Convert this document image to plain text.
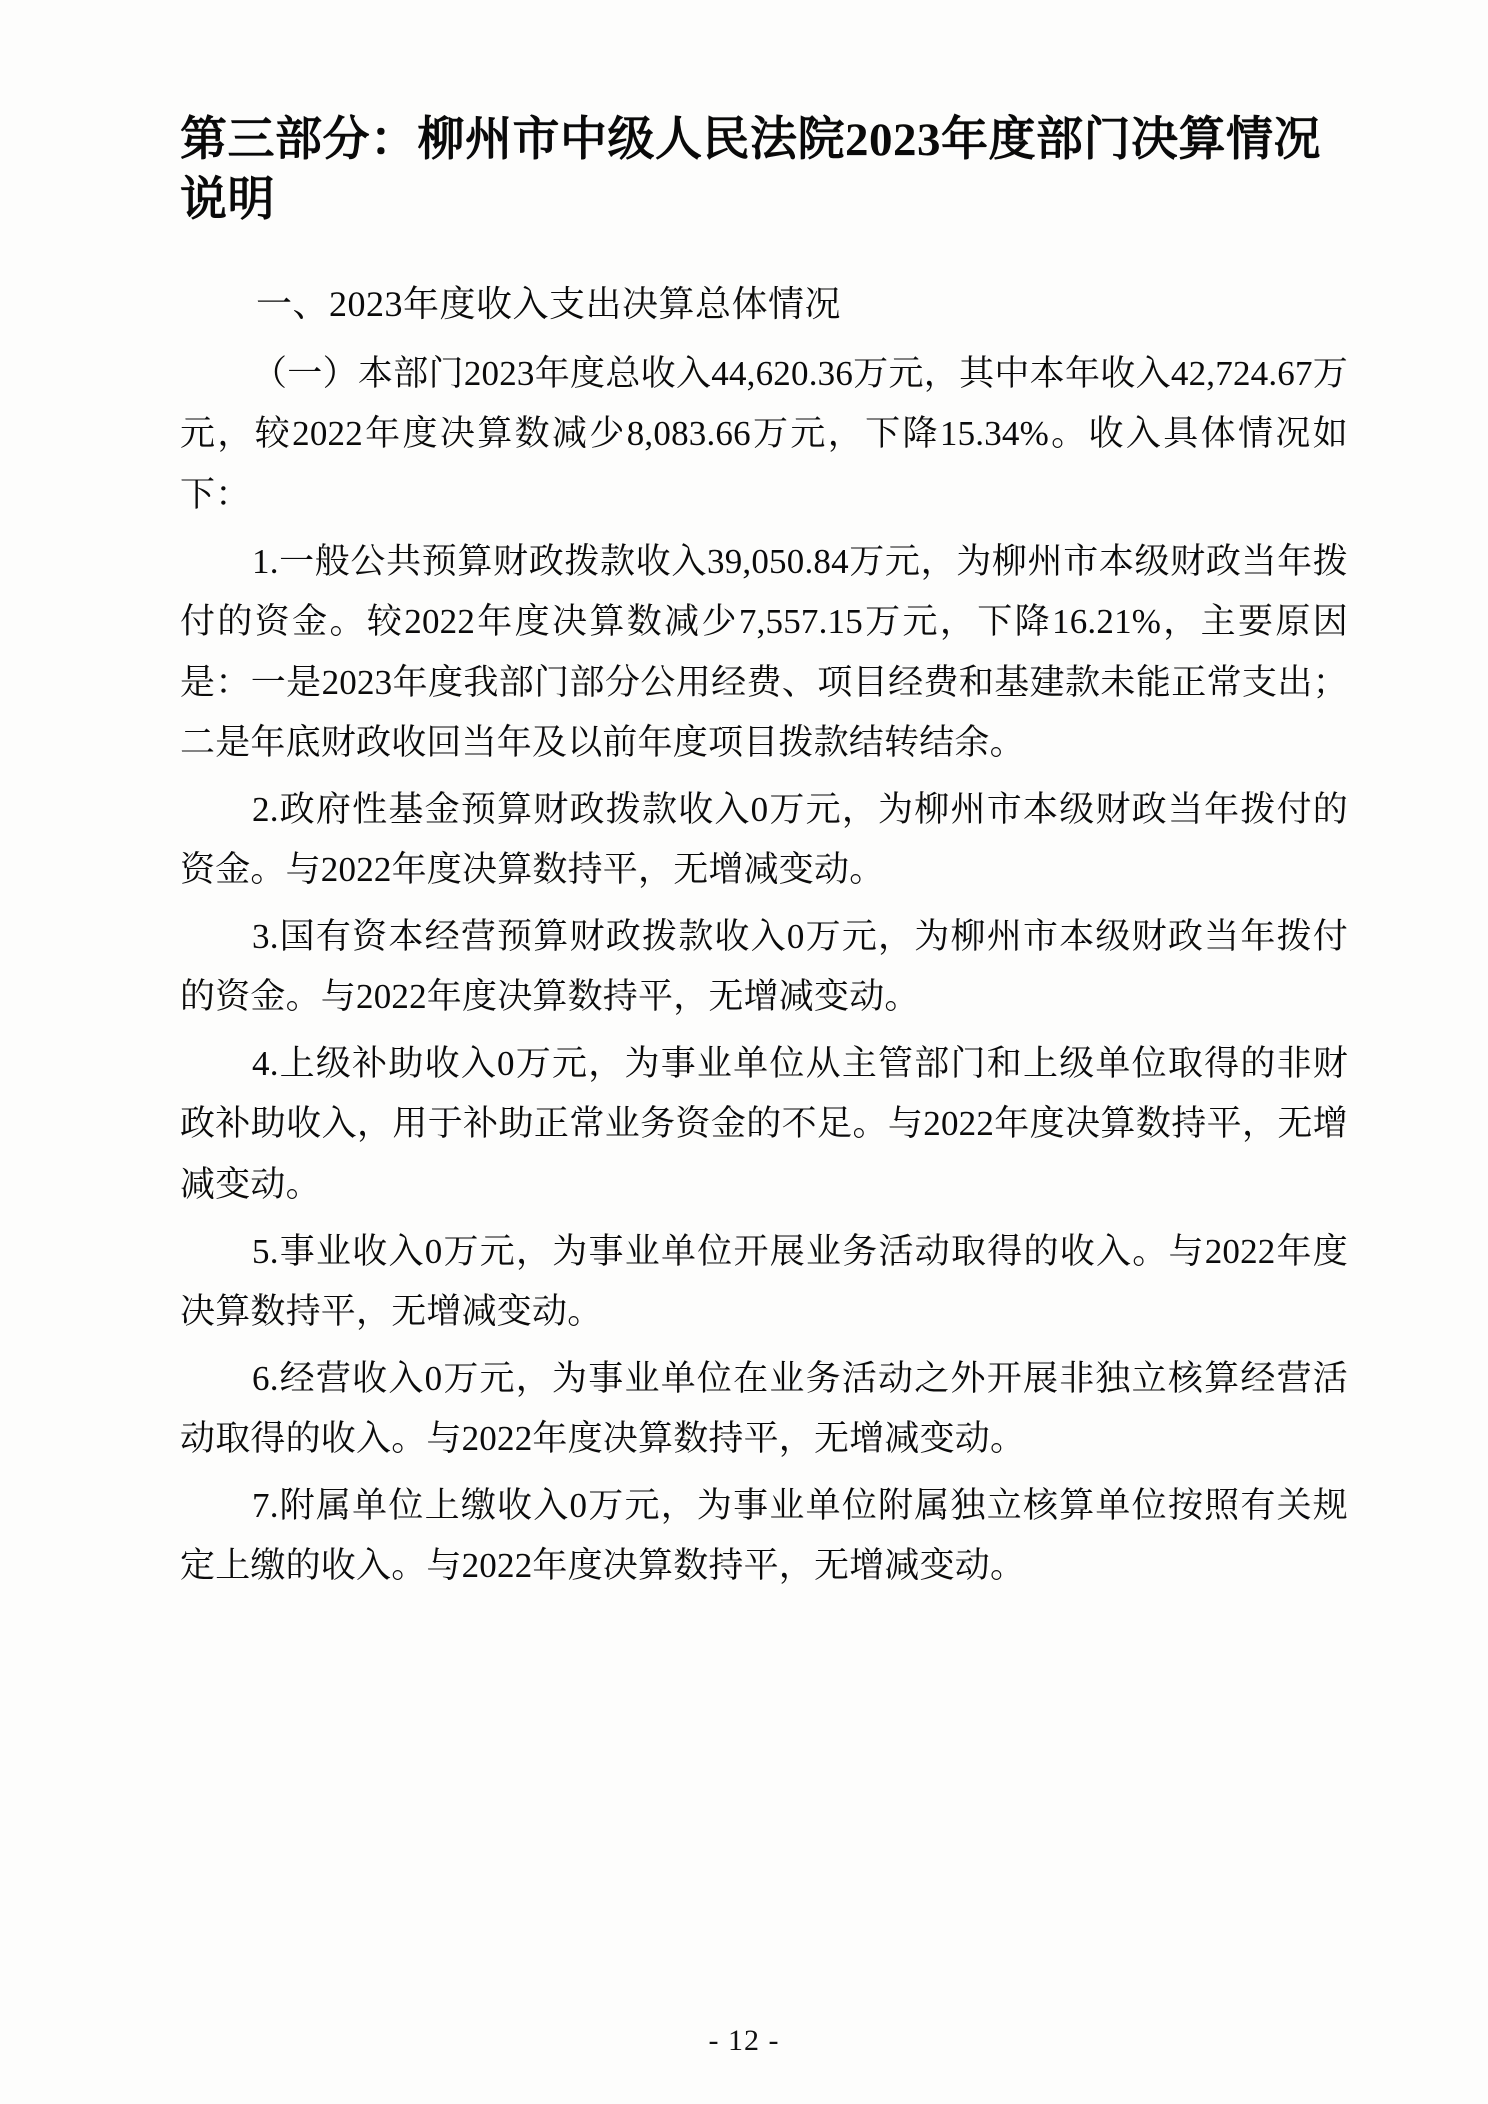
第三部分：柳州市中级人民法院2023年度部门决算情况说明
一、2023年度收入支出决算总体情况

（一）本部门2023年度总收入44,620.36万元，其中本年收入42,724.67万元，较2022年度决算数减少8,083.66万元，下降15.34%。收入具体情况如下：

1.一般公共预算财政拨款收入39,050.84万元，为柳州市本级财政当年拨付的资金。较2022年度决算数减少7,557.15万元，下降16.21%，主要原因是：一是2023年度我部门部分公用经费、项目经费和基建款未能正常支出；二是年底财政收回当年及以前年度项目拨款结转结余。

2.政府性基金预算财政拨款收入0万元，为柳州市本级财政当年拨付的资金。与2022年度决算数持平，无增减变动。

3.国有资本经营预算财政拨款收入0万元，为柳州市本级财政当年拨付的资金。与2022年度决算数持平，无增减变动。

4.上级补助收入0万元，为事业单位从主管部门和上级单位取得的非财政补助收入，用于补助正常业务资金的不足。与2022年度决算数持平，无增减变动。

5.事业收入0万元，为事业单位开展业务活动取得的收入。与2022年度决算数持平，无增减变动。

6.经营收入0万元，为事业单位在业务活动之外开展非独立核算经营活动取得的收入。与2022年度决算数持平，无增减变动。

7.附属单位上缴收入0万元，为事业单位附属独立核算单位按照有关规定上缴的收入。与2022年度决算数持平，无增减变动。

- 12 -
